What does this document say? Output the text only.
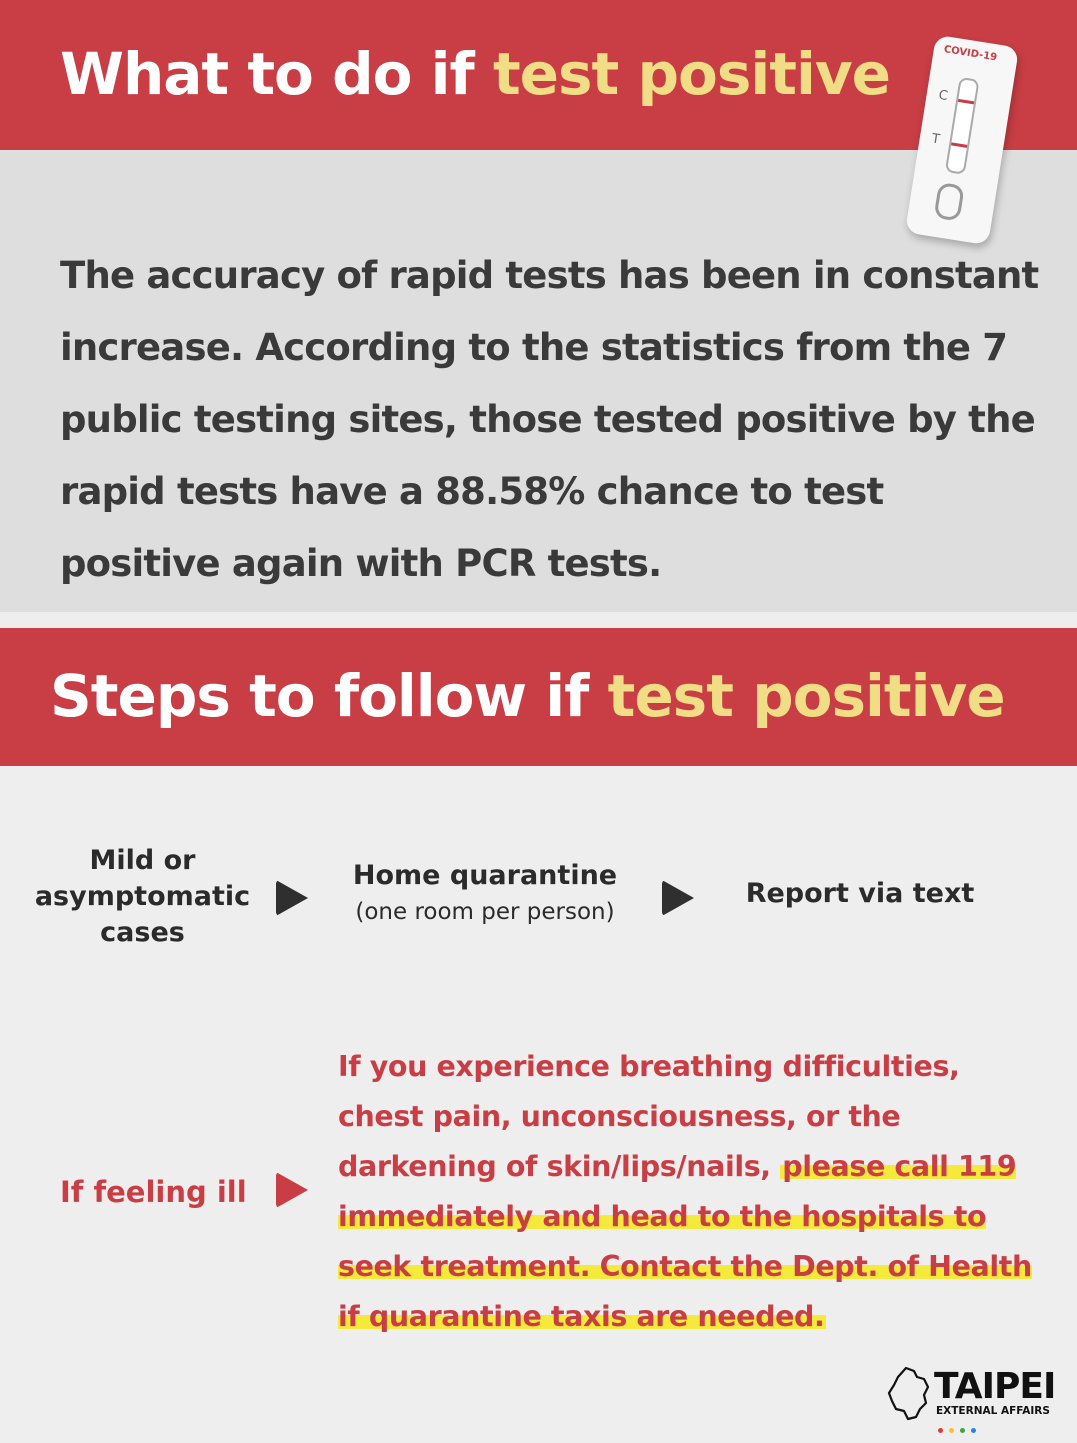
What to do if test positive

The accuracy of rapid tests has been in constant increase. According to the statistics from the 7 public testing sites, those tested positive by the rapid tests have a 88.58% chance to test positive again with PCR tests.

COVID-19

C

T

Steps to follow if test positive
Mild or asymptomatic cases
Home quarantine
(one room per person)
Report via text

If feeling ill

If you experience breathing difficulties, chest pain, unconsciousness, or the darkening of skin/lips/nails, please call 119 immediately and head to the hospitals to seek treatment. Contact the Dept. of Health if quarantine taxis are needed.

TAIPEI

EXTERNAL AFFAIRS
